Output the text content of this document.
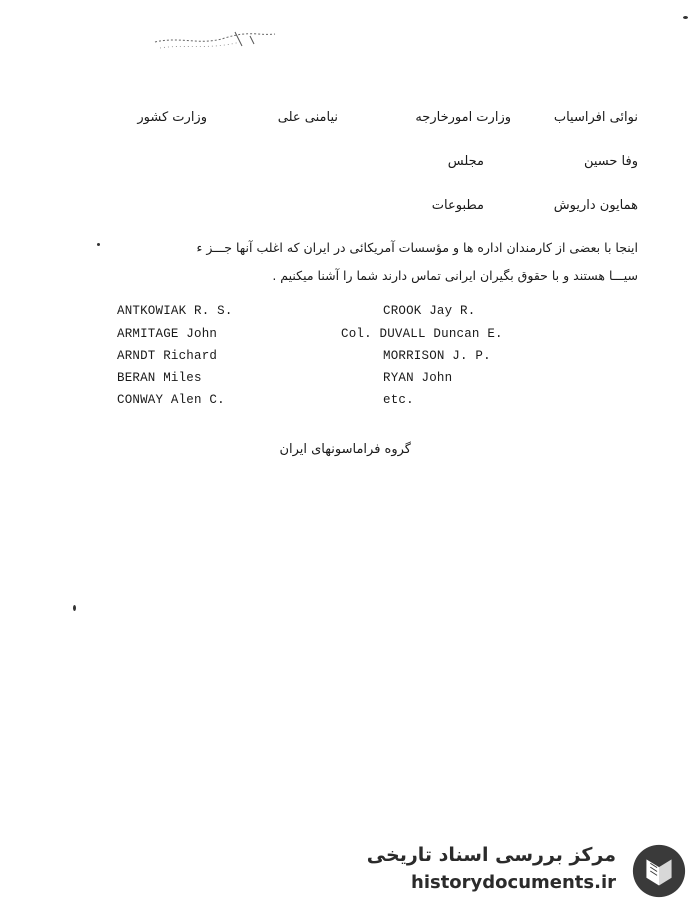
نوائی افراسیاب
وزارت امورخارجه
نیامنی علی
وزارت کشور
وفا حسین
مجلس
همایون داریوش
مطبوعات
اینجا با بعضی از کارمندان اداره ها و مؤسسات آمریکائی در ایران که اغلب آنها جـــز ء
سیـــا هستند و با حقوق بگیران ایرانی تماس دارند شما را آشنا میکنیم .
ANTKOWIAK R. S.
ARMITAGE John
ARNDT Richard
BERAN Miles
CONWAY Alen C.
CROOK Jay R.
Col. DUVALL Duncan E.
MORRISON J. P.
RYAN John
etc.
گروه فراماسونهای ایران
مرکز بررسی اسناد تاریخی
historydocuments.ir
